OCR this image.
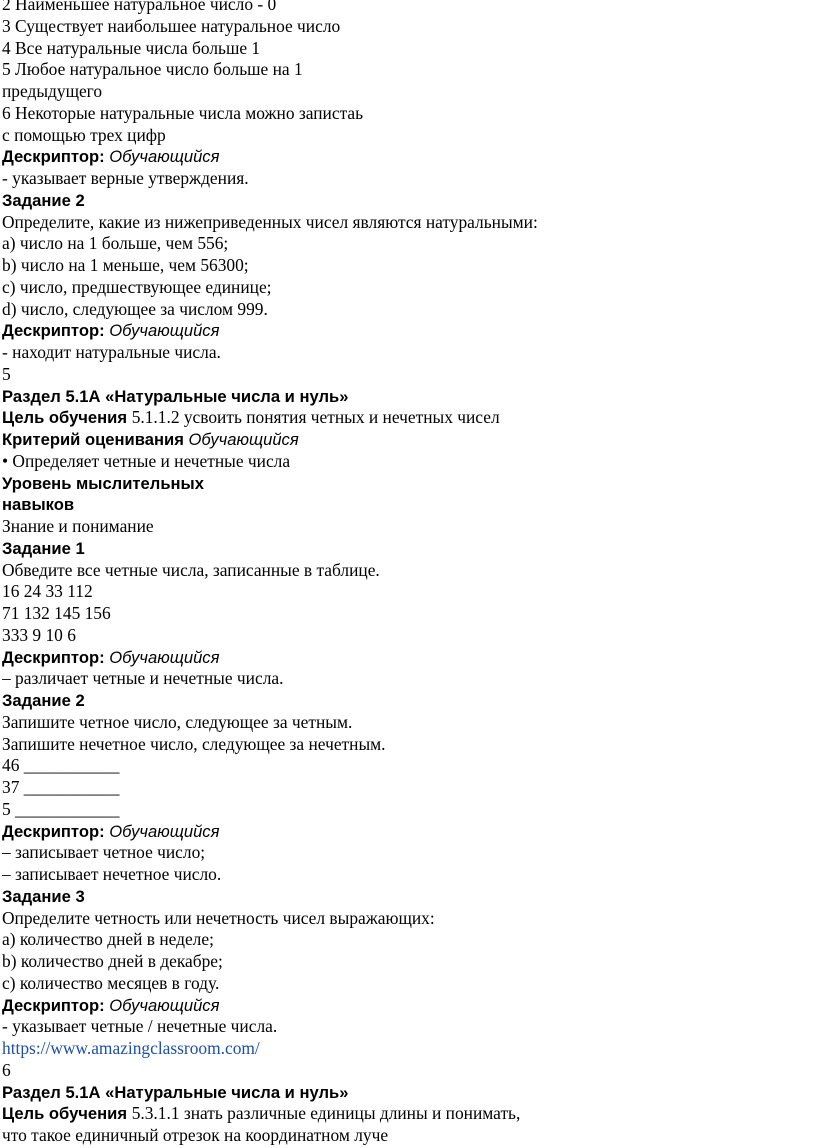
2 Наименьшее натуральное число - 0
3 Существует наибольшее натуральное число
4 Все натуральные числа больше 1
5 Любое натуральное число больше на 1
предыдущего
6 Некоторые натуральные числа можно запистаь
с помощью трех цифр
Дескриптор: Обучающийся
- указывает верные утверждения.
Задание 2
Определите, какие из нижеприведенных чисел являются натуральными:
а) число на 1 больше, чем 556;
b) число на 1 меньше, чем 56300;
c) число, предшествующее единице;
d) число, следующее за числом 999.
Дескриптор: Обучающийся
- находит натуральные числа.
5
Раздел 5.1А «Натуральные числа и нуль»
Цель обучения 5.1.1.2 усвоить понятия четных и нечетных чисел
Критерий оценивания Обучающийся
• Определяет четные и нечетные числа
Уровень мыслительных
навыков
Знание и понимание
Задание 1
Обведите все четные числа, записанные в таблице.
16 24 33 112
71 132 145 156
333 9 10 6
Дескриптор: Обучающийся
– различает четные и нечетные числа.
Задание 2
Запишите четное число, следующее за четным.
Запишите нечетное число, следующее за нечетным.
46 ___________
37 ___________
5 ____________
Дескриптор: Обучающийся
– записывает четное число;
– записывает нечетное число.
Задание 3
Определите четность или нечетность чисел выражающих:
а) количество дней в неделе;
b) количество дней в декабре;
c) количество месяцев в году.
Дескриптор: Обучающийся
- указывает четные / нечетные числа.
https://www.amazingclassroom.com/
6
Раздел 5.1А «Натуральные числа и нуль»
Цель обучения 5.3.1.1 знать различные единицы длины и понимать,
что такое единичный отрезок на координатном луче
